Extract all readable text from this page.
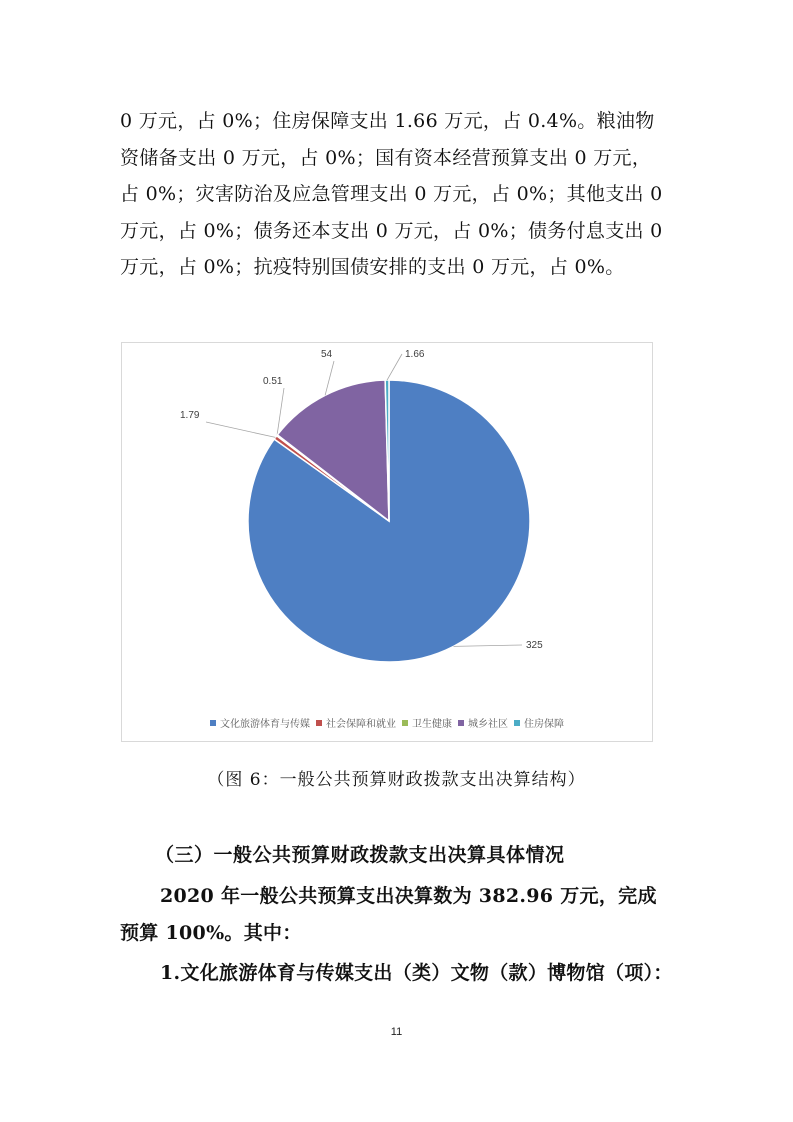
0 万元，占 0%；住房保障支出 1.66 万元，占 0.4%。粮油物
资储备支出 0 万元，占 0%；国有资本经营预算支出 0 万元，
占 0%；灾害防治及应急管理支出 0 万元，占 0%；其他支出 0
万元，占 0%；债务还本支出 0 万元，占 0%；债务付息支出 0
万元，占 0%；抗疫特别国债安排的支出 0 万元，占 0%。
325
1.79
0.51
54	1.66
文化旅游体育与传媒 社会保障和就业 卫生健康 城乡社区 住房保障

（图 6：一般公共预算财政拨款支出决算结构）

（三）一般公共预算财政拨款支出决算具体情况

2020 年一般公共预算支出决算数为 382.96 万元，完成
预算 100%。其中：

1.文化旅游体育与传媒支出（类）文物（款）博物馆（项）：

11
